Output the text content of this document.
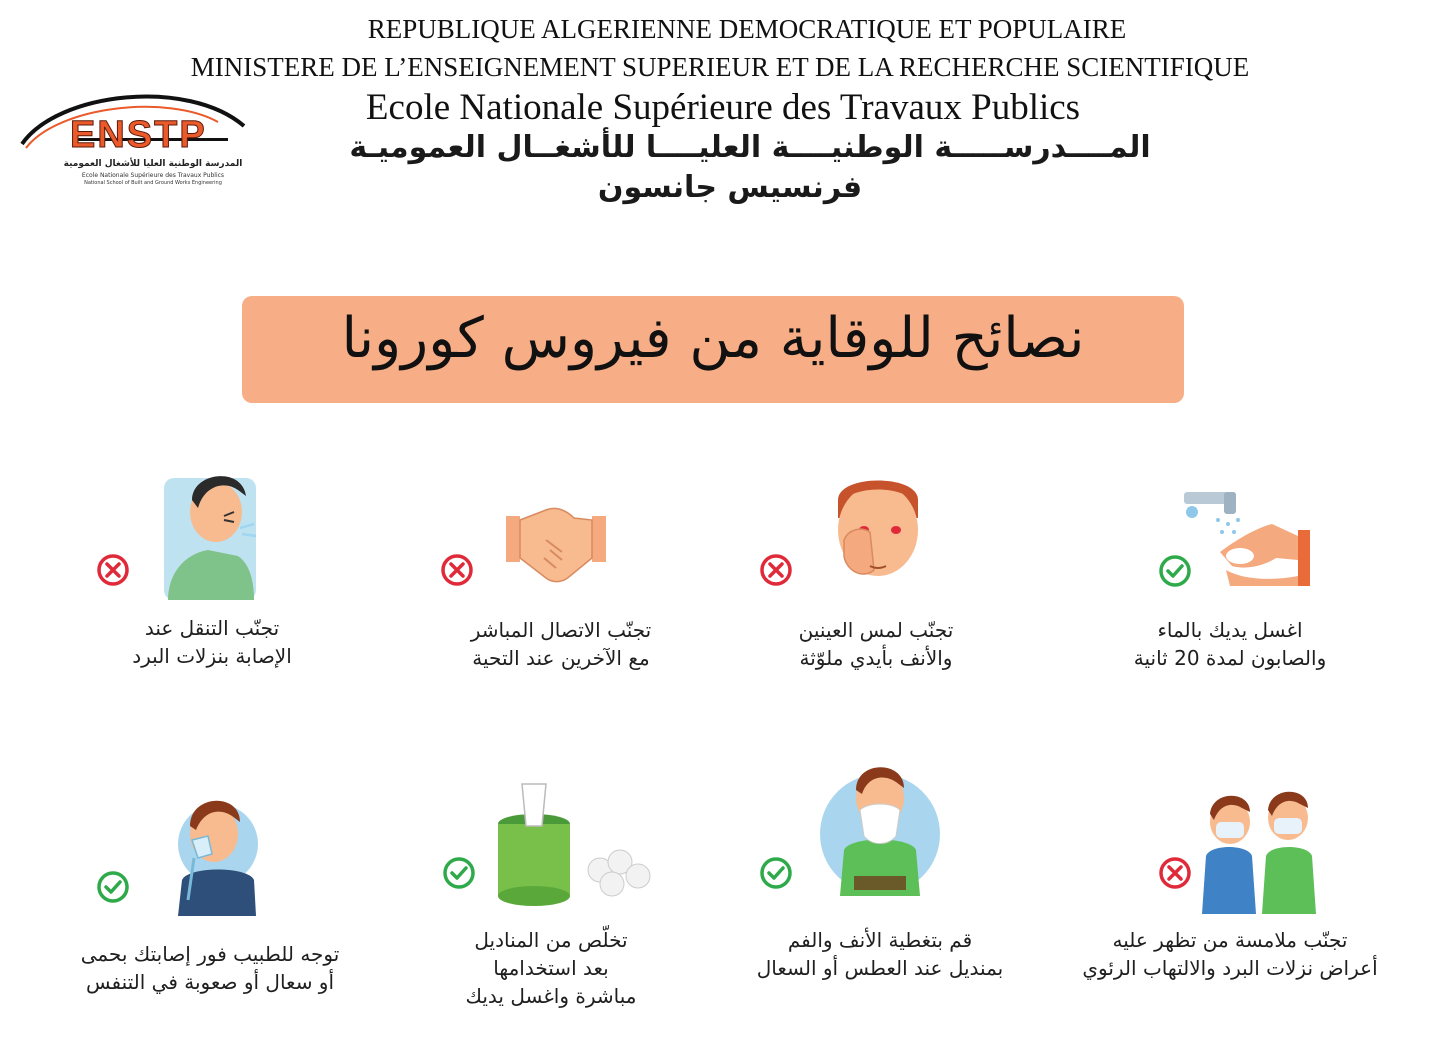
REPUBLIQUE ALGERIENNE DEMOCRATIQUE ET POPULAIRE
MINISTERE DE L’ENSEIGNEMENT SUPERIEUR ET DE LA RECHERCHE SCIENTIFIQUE
Ecole Nationale Supérieure des Travaux Publics
المــــدرســـــة الوطنيــــة العليــــا للأشغــال العموميـة
فرنسيس جانسون
ENSTP
المدرسة الوطنية العليا للأشغال العمومية
Ecole Nationale Supérieure des Travaux Publics
National School of Built and Ground Works Engineering
نصائح للوقاية من فيروس كورونا
اغسل يديك بالماء
والصابون لمدة 20 ثانية
تجنّب لمس العينين
والأنف بأيدي ملوّثة
تجنّب الاتصال المباشر
مع الآخرين عند التحية
تجنّب التنقل عند
الإصابة بنزلات البرد
تجنّب ملامسة من تظهر عليه
أعراض نزلات البرد والالتهاب الرئوي
قم بتغطية الأنف والفم
بمنديل عند العطس أو السعال
تخلّص من المناديل
بعد استخدامها
مباشرة واغسل يديك
توجه للطبيب فور إصابتك بحمى
أو سعال أو صعوبة في التنفس
